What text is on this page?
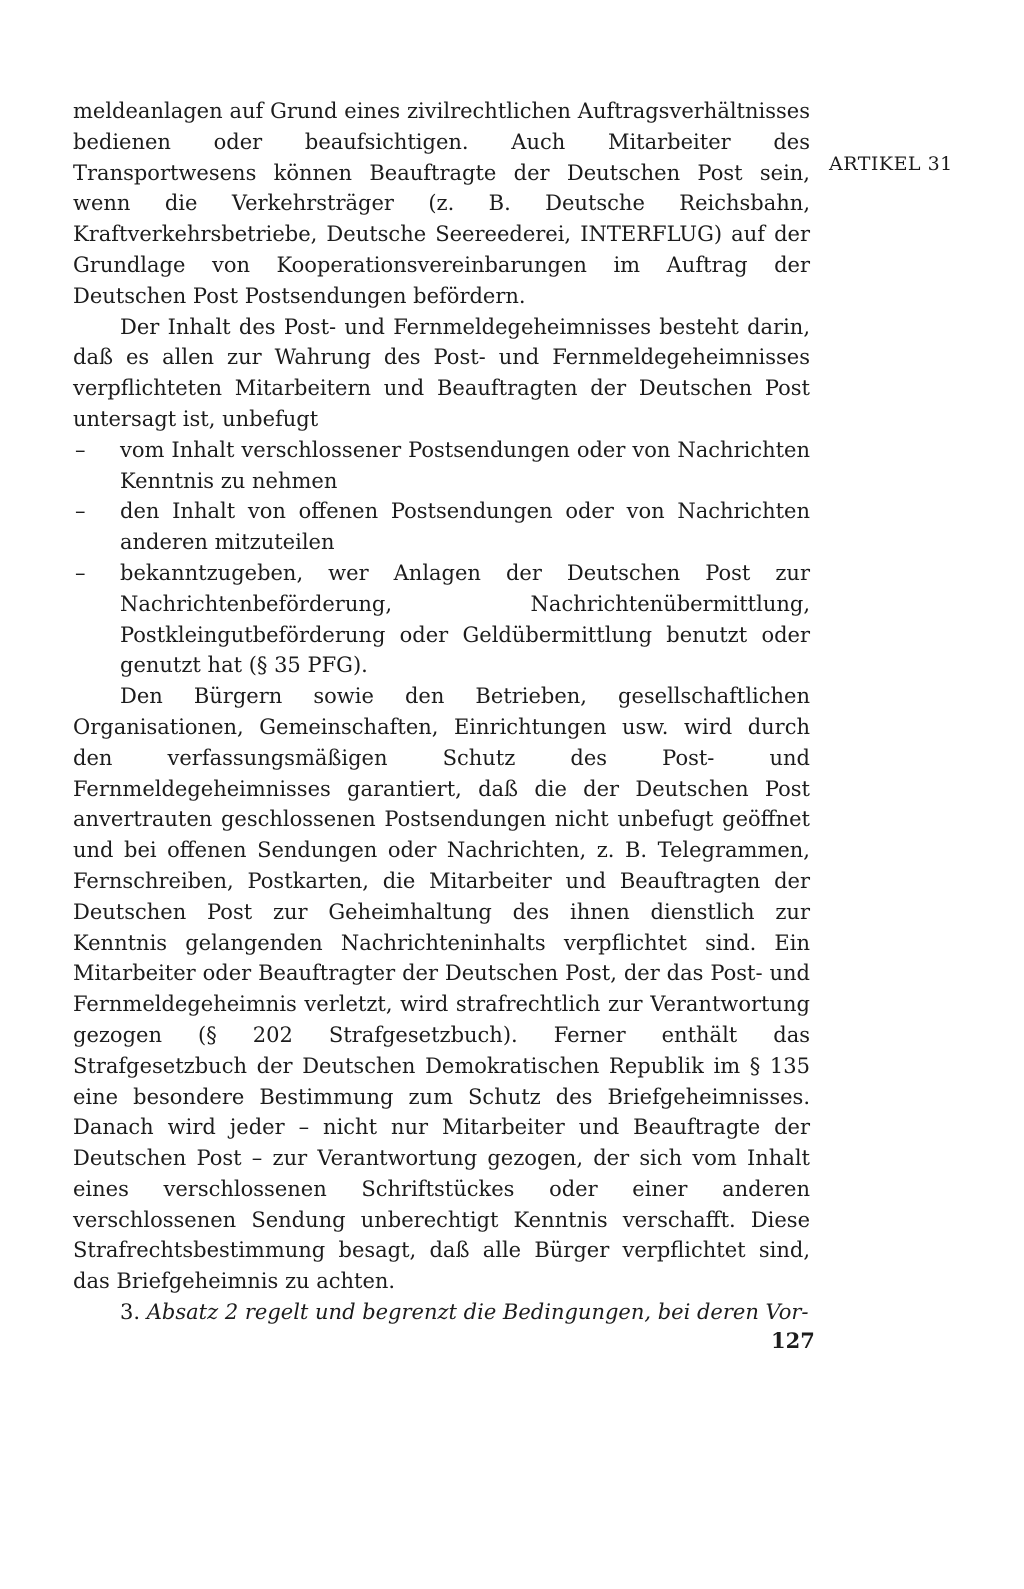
ARTIKEL 31

meldeanlagen auf Grund eines zivilrechtlichen Auftragsverhältnisses bedienen oder beaufsichtigen. Auch Mitarbeiter des Transportwesens können Beauftragte der Deutschen Post sein, wenn die Verkehrsträger (z. B. Deutsche Reichsbahn, Kraftverkehrsbetriebe, Deutsche Seereederei, INTERFLUG) auf der Grundlage von Kooperationsvereinbarungen im Auftrag der Deutschen Post Postsendungen befördern.

Der Inhalt des Post- und Fernmeldegeheimnisses besteht darin, daß es allen zur Wahrung des Post- und Fernmeldegeheimnisses verpflichteten Mitarbeitern und Beauftragten der Deutschen Post untersagt ist, unbefugt

– vom Inhalt verschlossener Postsendungen oder von Nachrichten Kenntnis zu nehmen
– den Inhalt von offenen Postsendungen oder von Nachrichten anderen mitzuteilen
– bekanntzugeben, wer Anlagen der Deutschen Post zur Nachrichtenbeförderung, Nachrichtenübermittlung, Postkleingutbeförderung oder Geldübermittlung benutzt oder genutzt hat (§ 35 PFG).

Den Bürgern sowie den Betrieben, gesellschaftlichen Organisationen, Gemeinschaften, Einrichtungen usw. wird durch den verfassungsmäßigen Schutz des Post- und Fernmeldegeheimnisses garantiert, daß die der Deutschen Post anvertrauten geschlossenen Postsendungen nicht unbefugt geöffnet und bei offenen Sendungen oder Nachrichten, z. B. Telegrammen, Fernschreiben, Postkarten, die Mitarbeiter und Beauftragten der Deutschen Post zur Geheimhaltung des ihnen dienstlich zur Kenntnis gelangenden Nachrichteninhalts verpflichtet sind. Ein Mitarbeiter oder Beauftragter der Deutschen Post, der das Post- und Fernmeldegeheimnis verletzt, wird strafrechtlich zur Verantwortung gezogen (§ 202 Strafgesetzbuch). Ferner enthält das Strafgesetzbuch der Deutschen Demokratischen Republik im § 135 eine besondere Bestimmung zum Schutz des Briefgeheimnisses. Danach wird jeder – nicht nur Mitarbeiter und Beauftragte der Deutschen Post – zur Verantwortung gezogen, der sich vom Inhalt eines verschlossenen Schriftstückes oder einer anderen verschlossenen Sendung unberechtigt Kenntnis verschafft. Diese Strafrechtsbestimmung besagt, daß alle Bürger verpflichtet sind, das Briefgeheimnis zu achten.

3. Absatz 2 regelt und begrenzt die Bedingungen, bei deren Vor-

127
